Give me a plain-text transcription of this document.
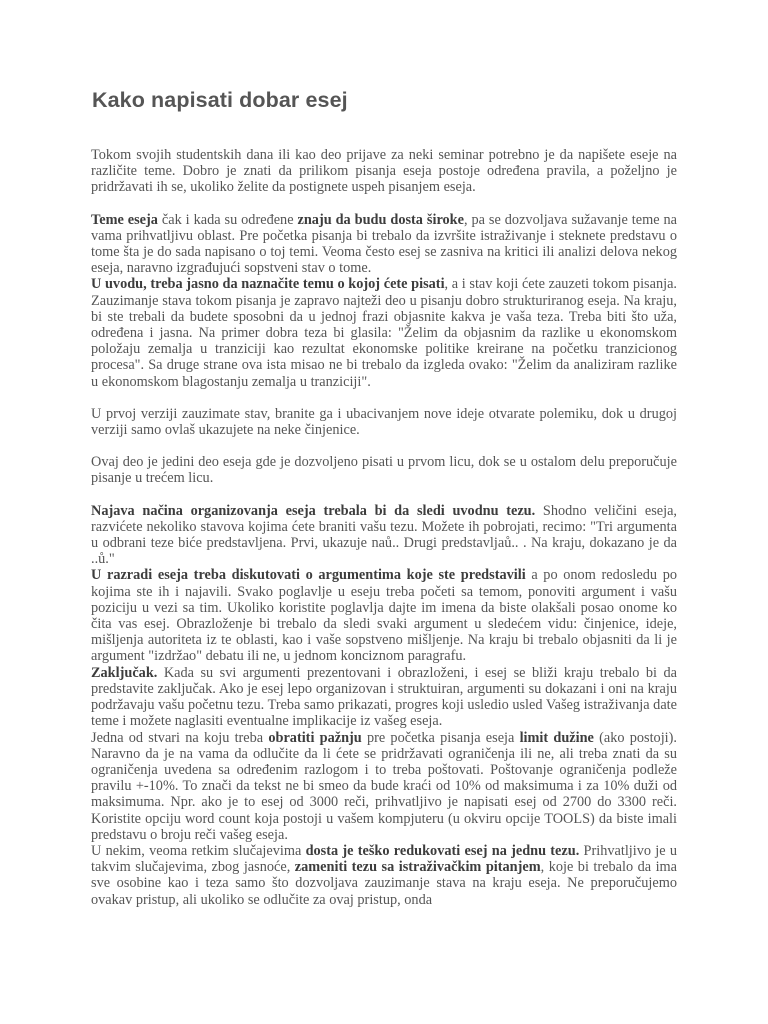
Kako napisati dobar esej

Tokom svojih studentskih dana ili kao deo prijave za neki seminar potrebno je da napišete eseje na različite teme. Dobro je znati da prilikom pisanja eseja postoje određena pravila, a poželjno je pridržavati ih se, ukoliko želite da postignete uspeh pisanjem eseja.

Teme eseja čak i kada su određene znaju da budu dosta široke, pa se dozvoljava sužavanje teme na vama prihvatljivu oblast. Pre početka pisanja bi trebalo da izvršite istraživanje i steknete predstavu o tome šta je do sada napisano o toj temi. Veoma često esej se zasniva na kritici ili analizi delova nekog eseja, naravno izgrađujući sopstveni stav o tome.

U uvodu, treba jasno da naznačite temu o kojoj ćete pisati, a i stav koji ćete zauzeti tokom pisanja. Zauzimanje stava tokom pisanja je zapravo najteži deo u pisanju dobro strukturiranog eseja. Na kraju, bi ste trebali da budete sposobni da u jednoj frazi objasnite kakva je vaša teza. Treba biti što uža, određena i jasna. Na primer dobra teza bi glasila: "Želim da objasnim da razlike u ekonomskom položaju zemalja u tranziciji kao rezultat ekonomske politike kreirane na početku tranzicionog procesa". Sa druge strane ova ista misao ne bi trebalo da izgleda ovako: "Želim da analiziram razlike u ekonomskom blagostanju zemalja u tranziciji".

U prvoj verziji zauzimate stav, branite ga i ubacivanjem nove ideje otvarate polemiku, dok u drugoj verziji samo ovlaš ukazujete na neke činjenice.

Ovaj deo je jedini deo eseja gde je dozvoljeno pisati u prvom licu, dok se u ostalom delu preporučuje pisanje u trećem licu.

Najava načina organizovanja eseja trebala bi da sledi uvodnu tezu. Shodno veličini eseja, razvićete nekoliko stavova kojima ćete braniti vašu tezu. Možete ih pobrojati, recimo: "Tri argumenta u odbrani teze biće predstavljena. Prvi, ukazuje naů.. Drugi predstavljaů.. . Na kraju, dokazano je da ..ů."

U razradi eseja treba diskutovati o argumentima koje ste predstavili a po onom redosledu po kojima ste ih i najavili. Svako poglavlje u eseju treba početi sa temom, ponoviti argument i vašu poziciju u vezi sa tim. Ukoliko koristite poglavlja dajte im imena da biste olakšali posao onome ko čita vas esej. Obrazloženje bi trebalo da sledi svaki argument u sledećem vidu: činjenice, ideje, mišljenja autoriteta iz te oblasti, kao i vaše sopstveno mišljenje. Na kraju bi trebalo objasniti da li je argument "izdržao" debatu ili ne, u jednom konciznom paragrafu.

Zaključak. Kada su svi argumenti prezentovani i obrazloženi, i esej se bliži kraju trebalo bi da predstavite zaključak. Ako je esej lepo organizovan i struktuiran, argumenti su dokazani i oni na kraju podržavaju vašu početnu tezu. Treba samo prikazati, progres koji usledio usled Vašeg istraživanja date teme i možete naglasiti eventualne implikacije iz vašeg eseja.

Jedna od stvari na koju treba obratiti pažnju pre početka pisanja eseja limit dužine (ako postoji). Naravno da je na vama da odlučite da li ćete se pridržavati ograničenja ili ne, ali treba znati da su ograničenja uvedena sa određenim razlogom i to treba poštovati. Poštovanje ograničenja podleže pravilu +-10%. To znači da tekst ne bi smeo da bude kraći od 10% od maksimuma i za 10% duži od maksimuma. Npr. ako je to esej od 3000 reči, prihvatljivo je napisati esej od 2700 do 3300 reči. Koristite opciju word count koja postoji u vašem kompjuteru (u okviru opcije TOOLS) da biste imali predstavu o broju reči vašeg eseja.

U nekim, veoma retkim slučajevima dosta je teško redukovati esej na jednu tezu. Prihvatljivo je u takvim slučajevima, zbog jasnoće, zameniti tezu sa istraživačkim pitanjem, koje bi trebalo da ima sve osobine kao i teza samo što dozvoljava zauzimanje stava na kraju eseja. Ne preporučujemo ovakav pristup, ali ukoliko se odlučite za ovaj pristup, onda
